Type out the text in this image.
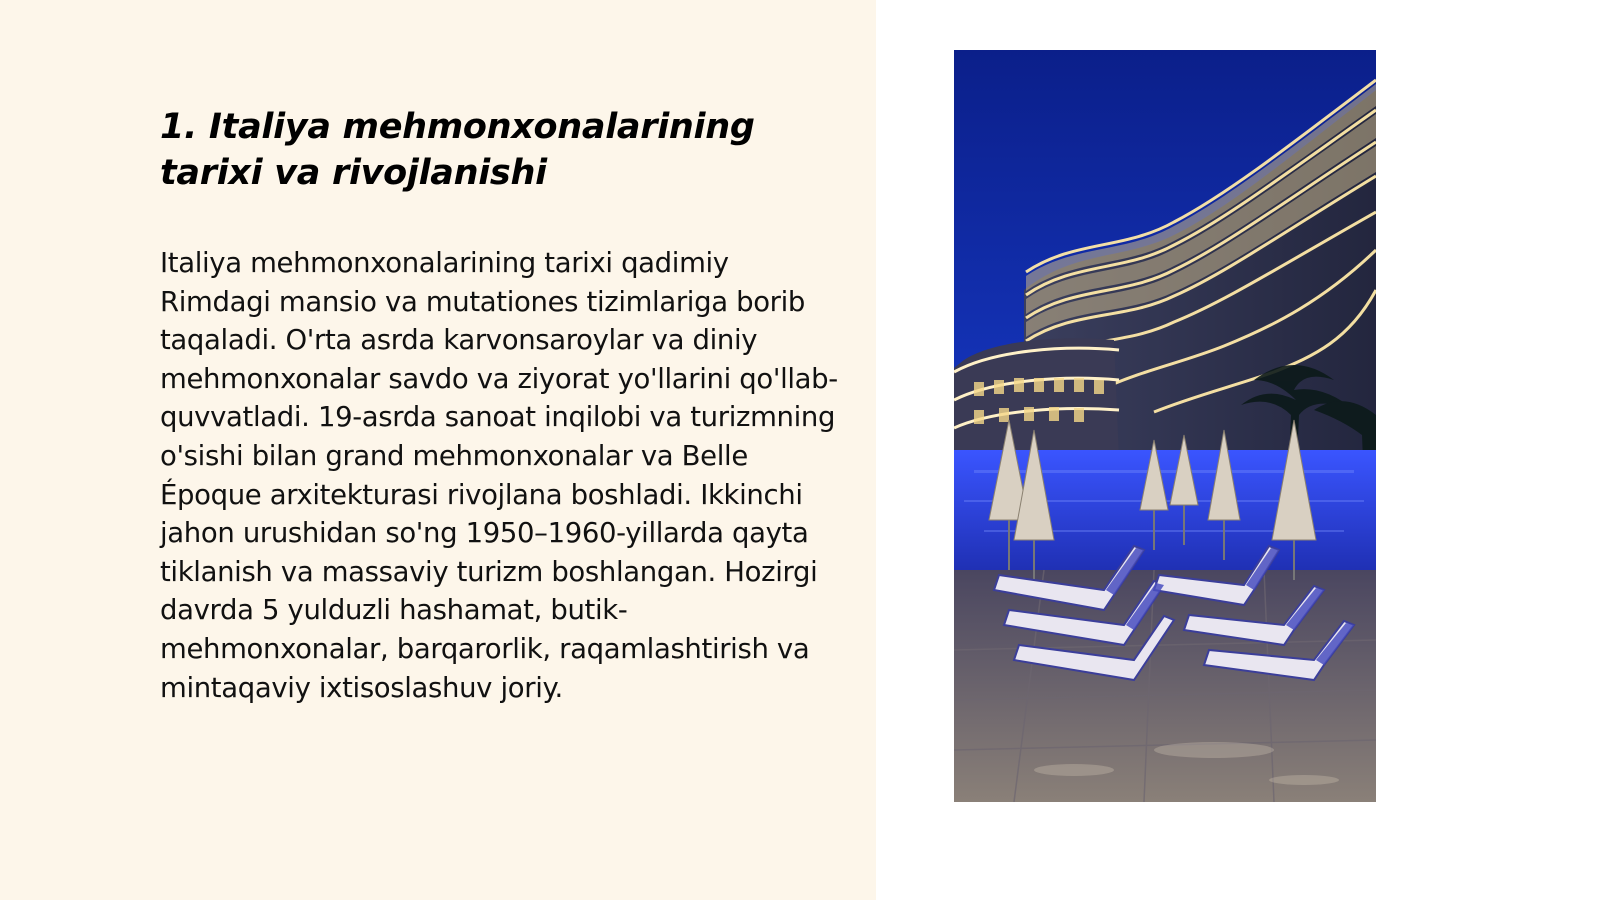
1. Italiya mehmonxonalarining tarixi va rivojlanishi

Italiya mehmonxonalarining tarixi qadimiy Rimdagi mansio va mutationes tizimlariga borib taqaladi. O'rta asrda karvonsaroylar va diniy mehmonxonalar savdo va ziyorat yo'llarini qo'llab-quvvatladi. 19-asrda sanoat inqilobi va turizmning o'sishi bilan grand mehmonxonalar va Belle Époque arxitekturasi rivojlana boshladi. Ikkinchi jahon urushidan so'ng 1950–1960-yillarda qayta tiklanish va massaviy turizm boshlangan. Hozirgi davrda 5 yulduzli hashamat, butik-mehmonxonalar, barqarorlik, raqamlashtirish va mintaqaviy ixtisoslashuv joriy.
